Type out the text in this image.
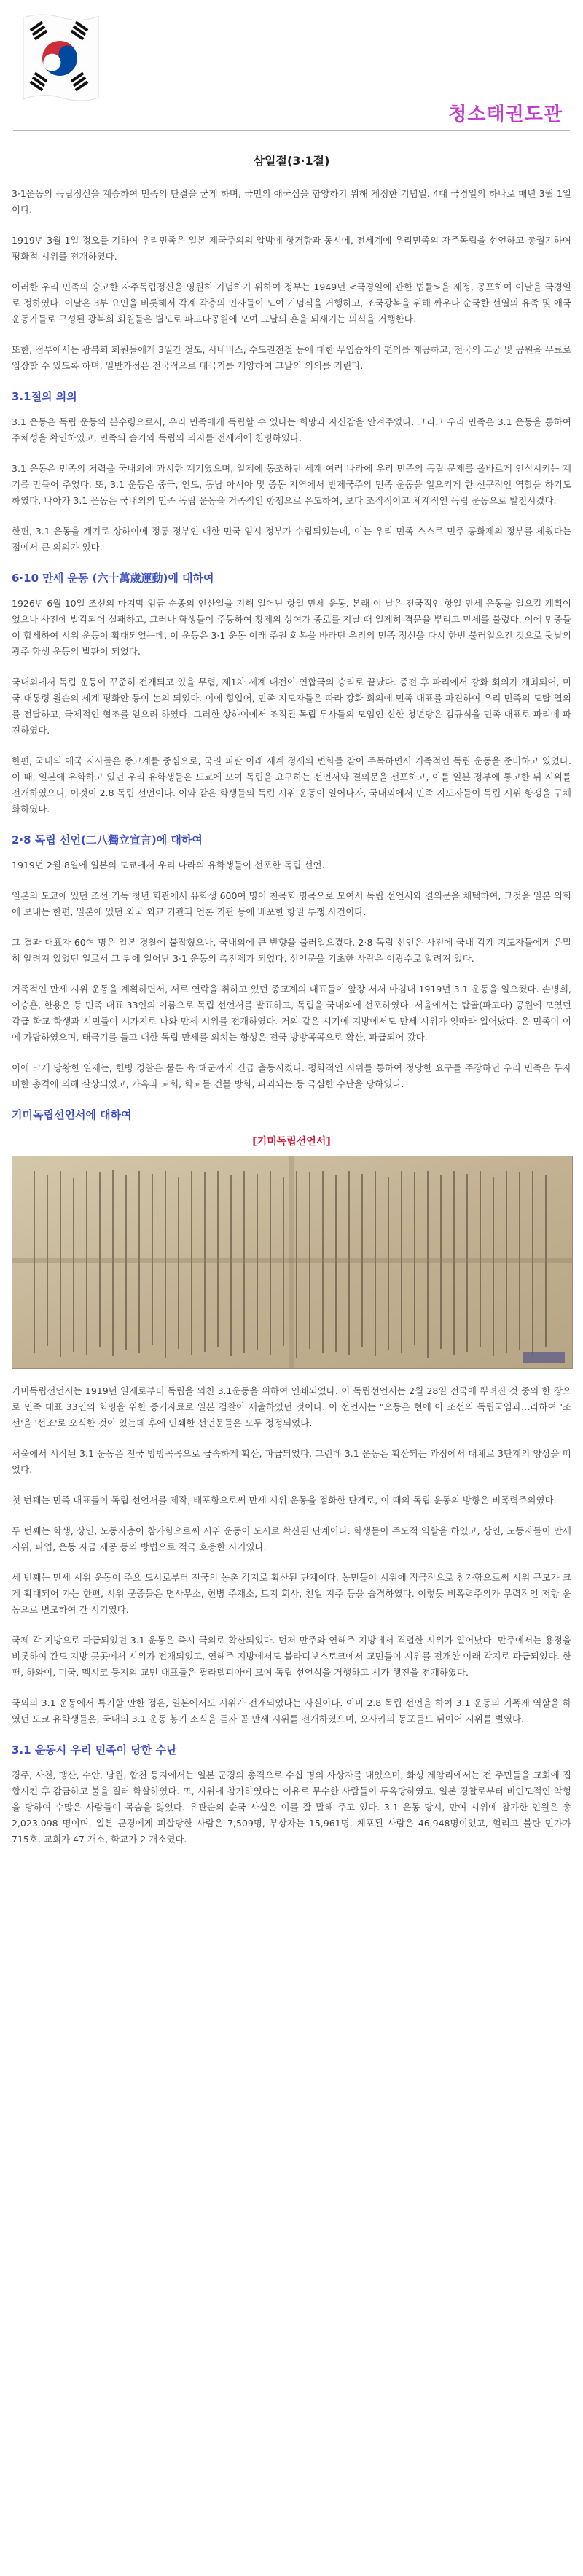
청소태권도관
삼일절(3·1절)

3·1운동의 독립정신을 계승하여 민족의 단결을 굳게 하며, 국민의 애국심을 함양하기 위해 제정한 기념일. 4대 국경일의 하나로 매년 3월 1일이다.

1919년 3월 1일 정오를 기하여 우리민족은 일본 제국주의의 압박에 항거함과 동시에, 전세계에 우리민족의 자주독립을 선언하고 총궐기하여 평화적 시위를 전개하였다.

이러한 우리 민족의 숭고한 자주독립정신을 영원히 기념하기 위하여 정부는 1949년 <국경일에 관한 법률>을 제정, 공포하여 이날을 국경일로 정하였다. 이날은 3부 요인을 비롯해서 각계 각층의 인사들이 모여 기념식을 거행하고, 조국광복을 위해 싸우다 순국한 선열의 유족 및 애국운동가들로 구성된 광복회 회원들은 별도로 파고다공원에 모여 그날의 흔을 되새기는 의식을 거행한다.

또한, 정부에서는 광복회 회원들에게 3일간 철도, 시내버스, 수도권전철 등에 대한 무임승차의 편의를 제공하고, 전국의 고궁 및 공원을 무료로 입장할 수 있도록 하며, 일반가정은 전국적으로 태극기를 게양하여 그날의 의의를 기린다.

3.1절의 의의

3.1 운동은 독립 운동의 분수령으로서, 우리 민족에게 독립할 수 있다는 희망과 자신감을 안겨주었다. 그리고 우리 민족은 3.1 운동을 통하여 주체성을 확인하였고, 민족의 슬기와 독립의 의지를 전세계에 천명하였다.

3.1 운동은 민족의 저력을 국내외에 과시한 계기였으며, 일제에 동조하던 세계 여러 나라에 우리 민족의 독립 문제를 올바르게 인식시키는 계기를 만들어 주었다. 또, 3.1 운동은 중국, 인도, 동남 아시아 및 중동 지역에서 반제국주의 민족 운동을 일으키게 한 선구적인 역할을 하기도 하였다. 나아가 3.1 운동은 국내외의 민족 독립 운동을 거족적인 항쟁으로 유도하여, 보다 조직적이고 체계적인 독립 운동으로 발전시켰다.

한편, 3.1 운동을 계기로 상하이에 정통 정부인 대한 민국 임시 정부가 수립되었는데, 이는 우리 민족 스스로 민주 공화제의 정부를 세웠다는 점에서 큰 의의가 있다.

6·10 만세 운동 (六十萬歲運動)에 대하여

1926년 6월 10일 조선의 마지막 임금 순종의 인산일을 기해 일어난 항일 만세 운동. 본래 이 날은 전국적인 항일 만세 운동을 일으킬 계획이었으나 사전에 발각되어 실패하고, 그러나 학생들이 주동하여 황제의 상여가 종로를 지날 때 일제히 격문을 뿌리고 만세를 불렀다. 이에 민중들이 합세하여 시위 운동이 확대되었는데, 이 운동은 3·1 운동 이래 주권 회복을 바라던 우리의 민족 정신을 다시 한번 불러일으킨 것으로 뒷날의 광주 학생 운동의 발판이 되었다.

국내외에서 독립 운동이 꾸준히 전개되고 있을 무렵, 제1차 세계 대전이 연합국의 승리로 끝났다. 종전 후 파리에서 강화 회의가 개최되어, 미국 대통령 윌슨의 세계 평화안 등이 논의 되었다. 이에 힘입어, 민족 지도자들은 따라 강화 회의에 민족 대표를 파견하여 우리 민족의 도탈 열의를 전달하고, 국제적인 협조를 얻으려 하였다. 그러한 상하이에서 조직된 독립 투사들의 모임인 신한 청년당은 김규식을 민족 대표로 파리에 파견하였다.

한편, 국내의 애국 지사들은 종교계를 중심으로, 국권 피탈 이래 세계 정세의 변화를 같이 주목하면서 거족적인 독립 운동을 준비하고 있었다. 이 때, 일본에 유학하고 있던 우리 유학생들은 도쿄에 모여 독립을 요구하는 선언서와 결의문을 선포하고, 이를 일본 정부에 통고한 뒤 시위를 전개하였으니, 이것이 2.8 독립 선언이다. 이와 같은 학생들의 독립 시위 운동이 일어나자, 국내외에서 민족 지도자들이 독립 시위 항쟁을 구체화하였다.

2·8 독립 선언(二八獨立宣言)에 대하여

1919년 2월 8일에 일본의 도쿄에서 우리 나라의 유학생들이 선포한 독립 선언.

일본의 도쿄에 있던 조선 기독 청년 회관에서 유학생 600여 명이 친목회 명목으로 모여서 독립 선언서와 결의문을 채택하여, 그것을 일본 의회에 보내는 한편, 일본에 있던 외국 외교 기관과 언론 기관 등에 배포한 항일 투쟁 사건이다.

그 결과 대표자 60여 명은 일본 경찰에 붙잡혔으나, 국내외에 큰 반향을 불러일으켰다. 2·8 독립 선언은 사전에 국내 각계 지도자들에게 은밀히 알려져 있었던 일로서 그 뒤에 일어난 3·1 운동의 촉진제가 되었다. 선언문을 기초한 사람은 이광수로 알려져 있다.

거족적인 만세 시위 운동을 계획하면서, 서로 연락을 취하고 있던 종교계의 대표들이 앞장 서서 마침내 1919년 3.1 운동을 일으켰다. 손병희, 이승훈, 한용운 등 민족 대표 33인의 이름으로 독립 선언서를 발표하고, 독립을 국내외에 선포하였다. 서울에서는 탑골(파고다) 공원에 모였던 각급 학교 학생과 시민들이 시가지로 나와 만세 시위를 전개하였다. 거의 같은 시기에 지방에서도 만세 시위가 잇따라 일어났다. 온 민족이 이에 가담하였으며, 태극기를 들고 대한 독립 만세를 외치는 함성은 전국 방방곡곡으로 확산, 파급되어 갔다.

이에 크게 당황한 일제는, 헌병 경찰은 물론 육·해군까지 긴급 출동시켰다. 평화적인 시위를 통하여 정당한 요구를 주장하던 우리 민족은 무자비한 총격에 의해 살상되었고, 가옥과 교회, 학교들 건물 방화, 파괴되는 등 극심한 수난을 당하였다.

기미독립선언서에 대하여
[기미독립선언서]

기미독립선언서는 1919년 일제로부터 독립을 외친 3.1운동을 위하여 인쇄되었다. 이 독립선언서는 2월 28일 전국에 뿌려진 것 중의 한 장으로 민족 대표 33인의 회명을 위한 증거자료로 일본 검찰이 제출하였던 것이다. 이 선언서는 "오등은 현에 아 조선의 독립국임과…라하여 '조선'을 '선조'로 오식한 것이 있는데 후에 인쇄한 선언문들은 모두 정정되었다.

서울에서 시작된 3.1 운동은 전국 방방곡곡으로 급속하게 확산, 파급되었다. 그런데 3.1 운동은 확산되는 과정에서 대체로 3단계의 양상을 띠었다.

첫 번째는 민족 대표들이 독립 선언서를 제작, 배포함으로써 만세 시위 운동을 점화한 단계로, 이 때의 독립 운동의 방향은 비폭력주의였다.

두 번째는 학생, 상인, 노동자층이 참가함으로써 시위 운동이 도시로 확산된 단계이다. 학생들이 주도적 역할을 하였고, 상인, 노동자들이 만세 시위, 파업, 운동 자금 제공 등의 방법으로 적극 호응한 시기였다.

세 번째는 만세 시위 운동이 주요 도시로부터 전국의 농촌 각지로 확산된 단계이다. 농민들이 시위에 적극적으로 참가함으로써 시위 규모가 크게 확대되어 가는 한편, 시위 군중들은 면사무소, 헌병 주재소, 토지 회사, 친일 지주 등을 습격하였다. 이렇듯 비폭력주의가 무력적인 저항 운동으로 변모하여 간 시기였다.

국제 각 지방으로 파급되었던 3.1 운동은 즉시 국외로 확산되었다. 먼저 만주와 연해주 지방에서 격렬한 시위가 일어났다. 만주에서는 용정을 비롯하여 간도 지방 곳곳에서 시위가 전개되었고, 연해주 지방에서도 블라디보스토크에서 교민들이 시위를 전개한 이래 각지로 파급되었다. 한편, 하와이, 미국, 멕시코 등지의 교민 대표들은 필라델피아에 모여 독립 선언식을 거행하고 시가 행진을 전개하였다.

국외의 3.1 운동에서 특기할 만한 점은, 일본에서도 시위가 전개되었다는 사실이다. 이미 2.8 독립 선언을 하여 3.1 운동의 기폭제 역할을 하였던 도쿄 유학생들은, 국내의 3.1 운동 봉기 소식을 듣자 곧 만세 시위를 전개하였으며, 오사카의 동포들도 뒤이어 시위를 벌였다.

3.1 운동시 우리 민족이 당한 수난

경주, 사천, 맹산, 수안, 남원, 합천 등지에서는 일본 군경의 총격으로 수십 명의 사상자를 내었으며, 화성 제암리에서는 전 주민들을 교회에 집합시킨 후 감금하고 불을 질러 학살하였다. 또, 시위에 참가하였다는 이유로 무수한 사람들이 투옥당하였고, 일본 경찰로부터 비인도적인 악형을 당하여 수많은 사람들이 목숨을 잃었다. 유관순의 순국 사실은 이를 잘 말해 주고 있다. 3.1 운동 당시, 만여 시위에 참가한 인원은 총 2,023,098 명이며, 일본 군경에게 피살당한 사람은 7,509명, 부상자는 15,961명, 체포된 사람은 46,948명이었고, 헐리고 불탄 민가가 715호, 교회가 47 개소, 학교가 2 개소였다.
